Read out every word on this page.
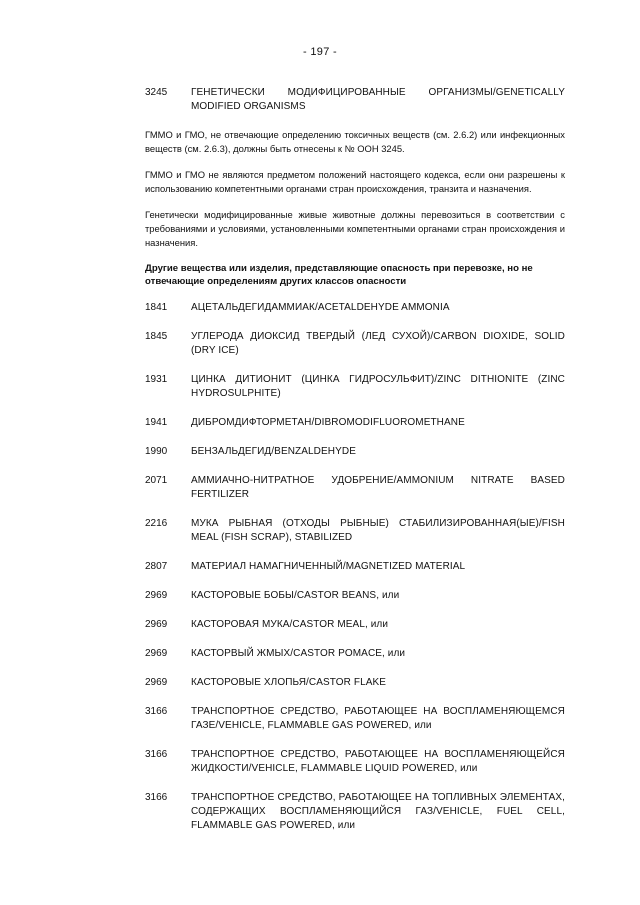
- 197 -
3245	ГЕНЕТИЧЕСКИ МОДИФИЦИРОВАННЫЕ ОРГАНИЗМЫ/GENETICALLY MODIFIED ORGANISMS

ГММО и ГМО, не отвечающие определению токсичных веществ (см. 2.6.2) или инфекционных веществ (см. 2.6.3), должны быть отнесены к № ООН 3245.

ГММО и ГМО не являются предметом положений настоящего кодекса, если они разрешены к использованию компетентными органами стран происхождения, транзита и назначения.

Генетически модифицированные живые животные должны перевозиться в соответствии с требованиями и условиями, установленными компетентными органами стран происхождения и назначения.

Другие вещества или изделия, представляющие опасность при перевозке, но не отвечающие определениям других классов опасности
1841	АЦЕТАЛЬДЕГИДАММИАК/ACETALDEHYDE AMMONIA
1845	УГЛЕРОДА ДИОКСИД ТВЕРДЫЙ (ЛЕД СУХОЙ)/CARBON DIOXIDE, SOLID (DRY ICE)
1931	ЦИНКА ДИТИОНИТ (ЦИНКА ГИДРОСУЛЬФИТ)/ZINC DITHIONITE (ZINC HYDROSULPHITE)
1941	ДИБРОМДИФТОРМЕТАН/DIBROMODIFLUOROMETHANE
1990	БЕНЗАЛЬДЕГИД/BENZALDEHYDE
2071	АММИАЧНО-НИТРАТНОЕ УДОБРЕНИЕ/AMMONIUM NITRATE BASED FERTILIZER
2216	МУКА РЫБНАЯ (ОТХОДЫ РЫБНЫЕ) СТАБИЛИЗИРОВАННАЯ(ЫЕ)/FISH MEAL (FISH SCRAP), STABILIZED
2807	МАТЕРИАЛ НАМАГНИЧЕННЫЙ/MAGNETIZED MATERIAL
2969	КАСТОРОВЫЕ БОБЫ/CASTOR BEANS, или
2969	КАСТОРОВАЯ МУКА/CASTOR MEAL, или
2969	КАСТОРВЫЙ ЖМЫХ/CASTOR POMACE, или
2969	КАСТОРОВЫЕ ХЛОПЬЯ/CASTOR FLAKE
3166	ТРАНСПОРТНОЕ СРЕДСТВО, РАБОТАЮЩЕЕ НА ВОСПЛАМЕНЯЮЩЕМСЯ ГАЗЕ/VEHICLE, FLAMMABLE GAS POWERED, или
3166	ТРАНСПОРТНОЕ СРЕДСТВО, РАБОТАЮЩЕЕ НА ВОСПЛАМЕНЯЮЩЕЙСЯ ЖИДКОСТИ/VEHICLE, FLAMMABLE LIQUID POWERED, или
3166	ТРАНСПОРТНОЕ СРЕДСТВО, РАБОТАЮЩЕЕ НА ТОПЛИВНЫХ ЭЛЕМЕНТАХ, СОДЕРЖАЩИХ ВОСПЛАМЕНЯЮЩИЙСЯ ГАЗ/VEHICLE, FUEL CELL, FLAMMABLE GAS POWERED, или
